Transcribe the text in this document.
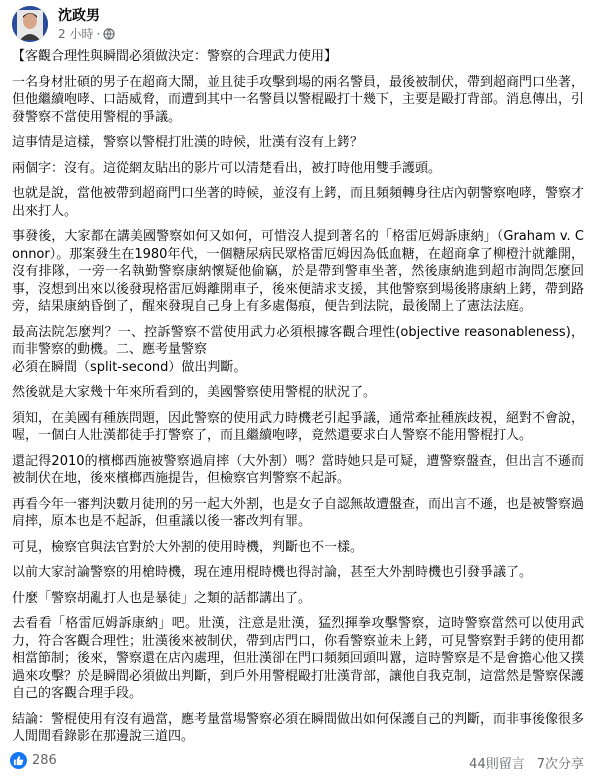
沈政男
2 小時 ·

【客觀合理性與瞬間必須做決定：警察的合理武力使用】

一名身材壯碩的男子在超商大鬧，並且徒手攻擊到場的兩名警員，最後被制伏，帶到超商門口坐著，但他繼續咆哮、口語威脅，而遭到其中一名警員以警棍毆打十幾下，主要是毆打背部。消息傳出，引發警察不當使用警棍的爭議。

這事情是這樣，警察以警棍打壯漢的時候，壯漢有沒有上銬？

兩個字：沒有。這從網友貼出的影片可以清楚看出，被打時他用雙手護頭。

也就是說，當他被帶到超商門口坐著的時候，並沒有上銬，而且頻頻轉身往店內朝警察咆哮，警察才出來打人。

事發後，大家都在講美國警察如何又如何，可惜沒人提到著名的「格雷厄姆訴康納」（Graham v. Connor）。那案發生在1980年代，一個糖尿病民眾格雷厄姆因為低血糖，在超商拿了柳橙汁就離開，沒有排隊，一旁一名執勤警察康納懷疑他偷竊，於是帶到警車坐著，然後康納進到超市詢問怎麼回事，沒想到出來以後發現格雷厄姆離開車子，後來便請求支援，其他警察到場後將康納上銬，帶到路旁，結果康納昏倒了，醒來發現自己身上有多處傷痕，便告到法院，最後鬧上了憲法法庭。

最高法院怎麼判？一、控訴警察不當使用武力必須根據客觀合理性(objective reasonableness)，而非警察的動機。二、應考量警察
必須在瞬間（split-second）做出判斷。

然後就是大家幾十年來所看到的，美國警察使用警棍的狀況了。

須知，在美國有種族問題，因此警察的使用武力時機老引起爭議，通常牽扯種族歧視，絕對不會說，喔，一個白人壯漢都徒手打警察了，而且繼續咆哮，竟然還要求白人警察不能用警棍打人。

還記得2010的檳榔西施被警察過肩摔（大外割）嗎？當時她只是可疑，遭警察盤查，但出言不遜而被制伏在地，後來檳榔西施提告，但檢察官判警察不起訴。

再看今年一審判決數月徒刑的另一起大外割，也是女子自認無故遭盤查，而出言不遜，也是被警察過肩摔，原本也是不起訴，但重議以後一審改判有罪。

可見，檢察官與法官對於大外割的使用時機，判斷也不一樣。

以前大家討論警察的用槍時機，現在連用棍時機也得討論，甚至大外割時機也引發爭議了。

什麼「警察胡亂打人也是暴徒」之類的話都講出了。

去看看「格雷厄姆訴康納」吧。壯漢，注意是壯漢，猛烈揮拳攻擊警察，這時警察當然可以使用武力，符合客觀合理性；壯漢後來被制伏，帶到店門口，你看警察並未上銬，可見警察對手銬的使用都相當節制；後來，警察還在店內處理，但壯漢卻在門口頻頻回頭叫囂，這時警察是不是會擔心他又撲過來攻擊？於是瞬間必須做出判斷，到戶外用警棍毆打壯漢背部，讓他自我克制，這當然是警察保護自己的客觀合理手段。

結論：警棍使用有沒有過當，應考量當場警察必須在瞬間做出如何保護自己的判斷，而非事後像很多人閒閒看錄影在那邊說三道四。

286	44則留言 7次分享
